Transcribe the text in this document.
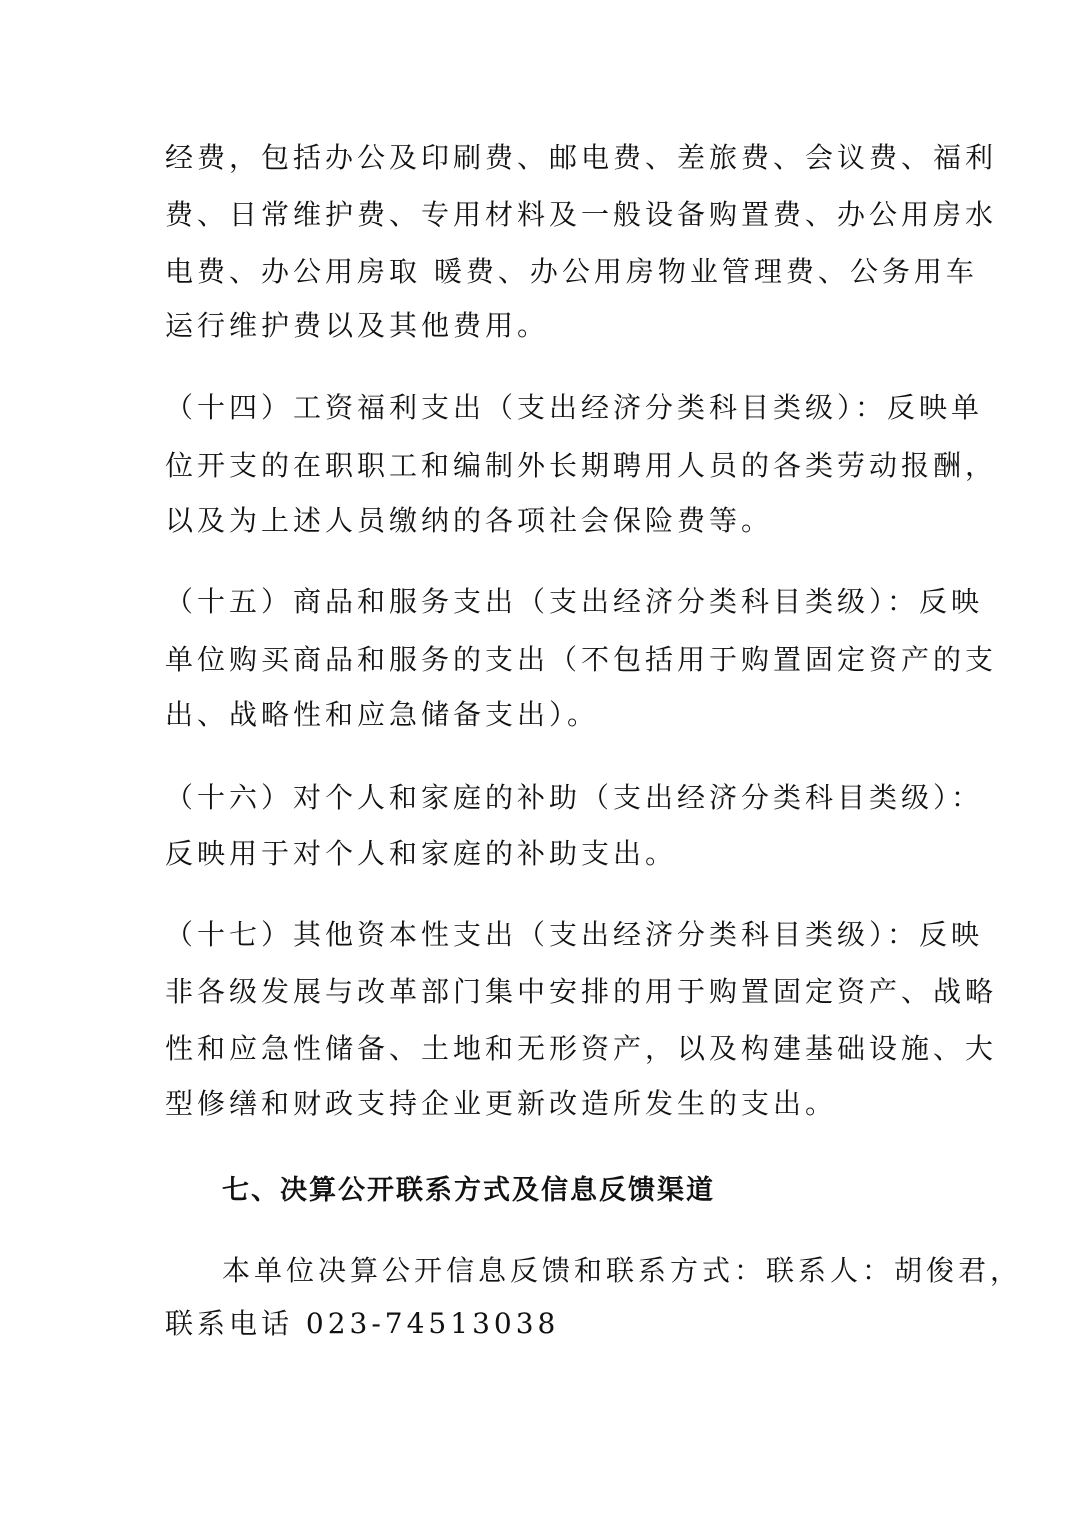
经费，包括办公及印刷费、邮电费、差旅费、会议费、福利
费、日常维护费、专用材料及一般设备购置费、办公用房水
电费、办公用房取 暖费、办公用房物业管理费、公务用车
运行维护费以及其他费用。
（十四）工资福利支出（支出经济分类科目类级）：反映单
位开支的在职职工和编制外长期聘用人员的各类劳动报酬，
以及为上述人员缴纳的各项社会保险费等。
（十五）商品和服务支出（支出经济分类科目类级）：反映
单位购买商品和服务的支出（不包括用于购置固定资产的支
出、战略性和应急储备支出）。
（十六）对个人和家庭的补助（支出经济分类科目类级）：
反映用于对个人和家庭的补助支出。
（十七）其他资本性支出（支出经济分类科目类级）：反映
非各级发展与改革部门集中安排的用于购置固定资产、战略
性和应急性储备、土地和无形资产，以及构建基础设施、大
型修缮和财政支持企业更新改造所发生的支出。
七、决算公开联系方式及信息反馈渠道
本单位决算公开信息反馈和联系方式：联系人：胡俊君，
联系电话 023-74513038
